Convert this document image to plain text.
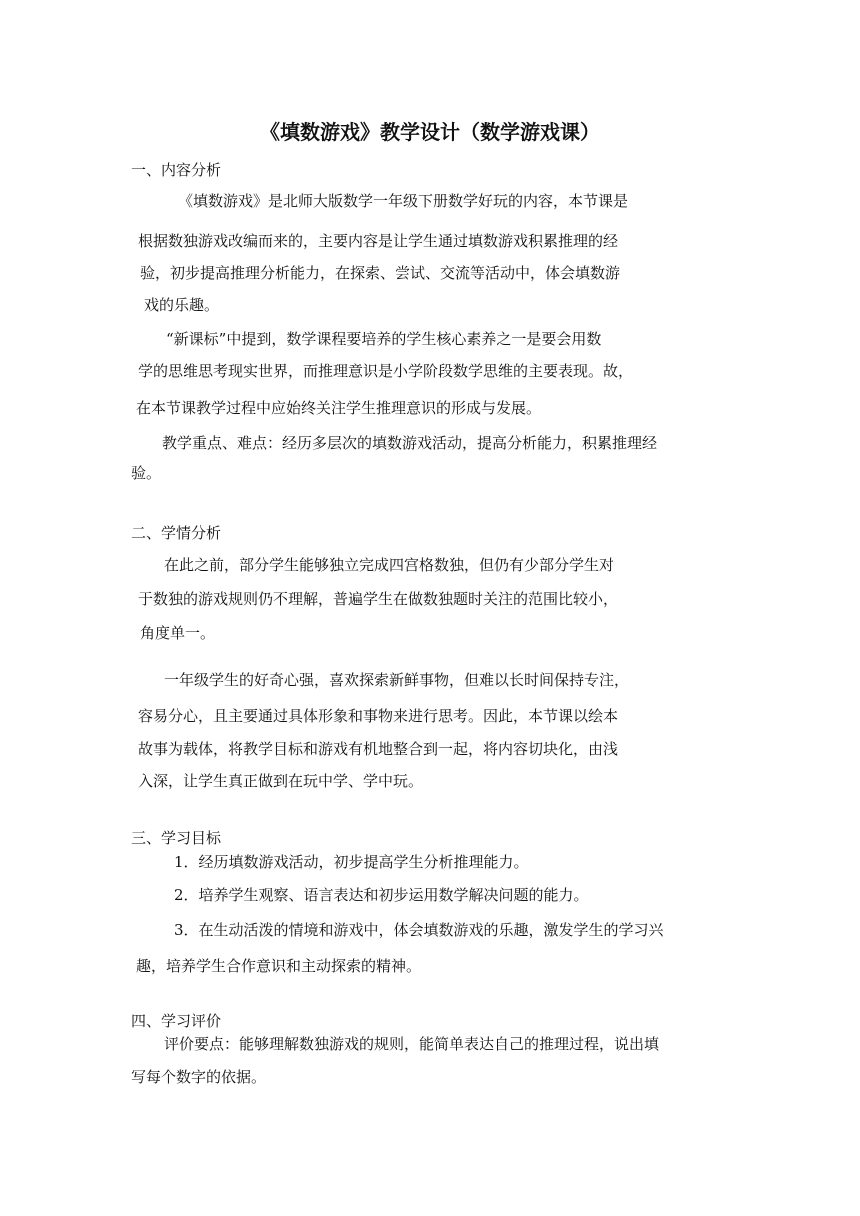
《填数游戏》教学设计（数学游戏课）
一、内容分析
《填数游戏》是北师大版数学一年级下册数学好玩的内容，本节课是
根据数独游戏改编而来的，主要内容是让学生通过填数游戏积累推理的经
验，初步提高推理分析能力，在探索、尝试、交流等活动中，体会填数游
戏的乐趣。
“新课标”中提到，数学课程要培养的学生核心素养之一是要会用数
学的思维思考现实世界，而推理意识是小学阶段数学思维的主要表现。故，
在本节课教学过程中应始终关注学生推理意识的形成与发展。
教学重点、难点：经历多层次的填数游戏活动，提高分析能力，积累推理经
验。
二、学情分析
在此之前，部分学生能够独立完成四宫格数独，但仍有少部分学生对
于数独的游戏规则仍不理解，普遍学生在做数独题时关注的范围比较小，
角度单一。
一年级学生的好奇心强，喜欢探索新鲜事物，但难以长时间保持专注，
容易分心，且主要通过具体形象和事物来进行思考。因此，本节课以绘本
故事为载体，将教学目标和游戏有机地整合到一起，将内容切块化，由浅
入深，让学生真正做到在玩中学、学中玩。
三、学习目标
1．经历填数游戏活动，初步提高学生分析推理能力。
2．培养学生观察、语言表达和初步运用数学解决问题的能力。
3．在生动活泼的情境和游戏中，体会填数游戏的乐趣，激发学生的学习兴
趣，培养学生合作意识和主动探索的精神。
四、学习评价
评价要点：能够理解数独游戏的规则，能简单表达自己的推理过程，说出填
写每个数字的依据。
